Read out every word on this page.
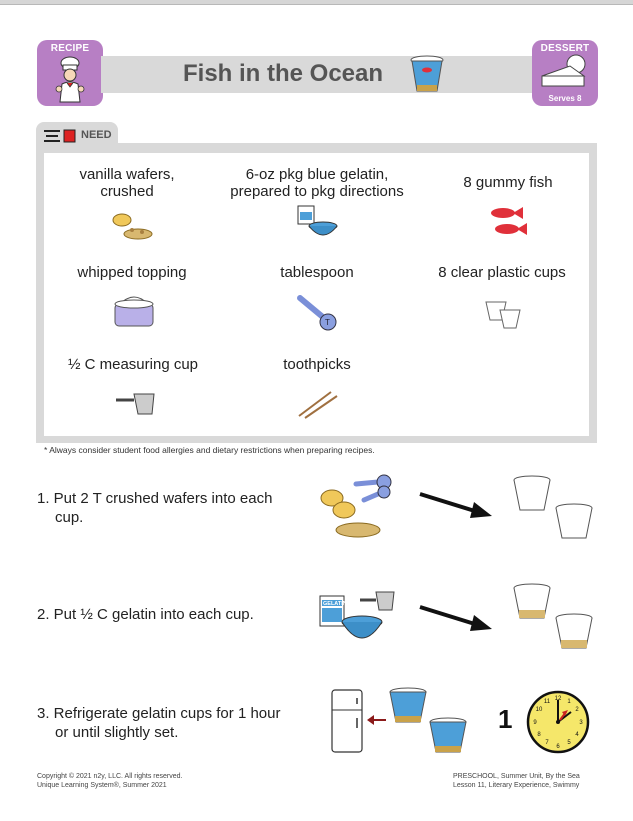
RECIPE
Fish in the Ocean
DESSERT
Serves 8
NEED
vanilla wafers, crushed
6-oz pkg blue gelatin, prepared to pkg directions
8 gummy fish
whipped topping	tablespoon
T
8 clear plastic cups
½ C measuring cup	toothpicks
* Always consider student food allergies and dietary restrictions when preparing recipes.
1. Put 2 T crushed wafers into each cup.
2. Put ½ C gelatin into each cup.
GELATIN
3. Refrigerate gelatin cups for 1 hour or until slightly set.	1
12 1
2
3
4
5
6
7
8
9
10
11
Copyright © 2021 n2y, LLC. All rights reserved.
Unique Learning System®, Summer 2021
PRESCHOOL, Summer Unit, By the Sea
Lesson 11, Literary Experience, Swimmy
